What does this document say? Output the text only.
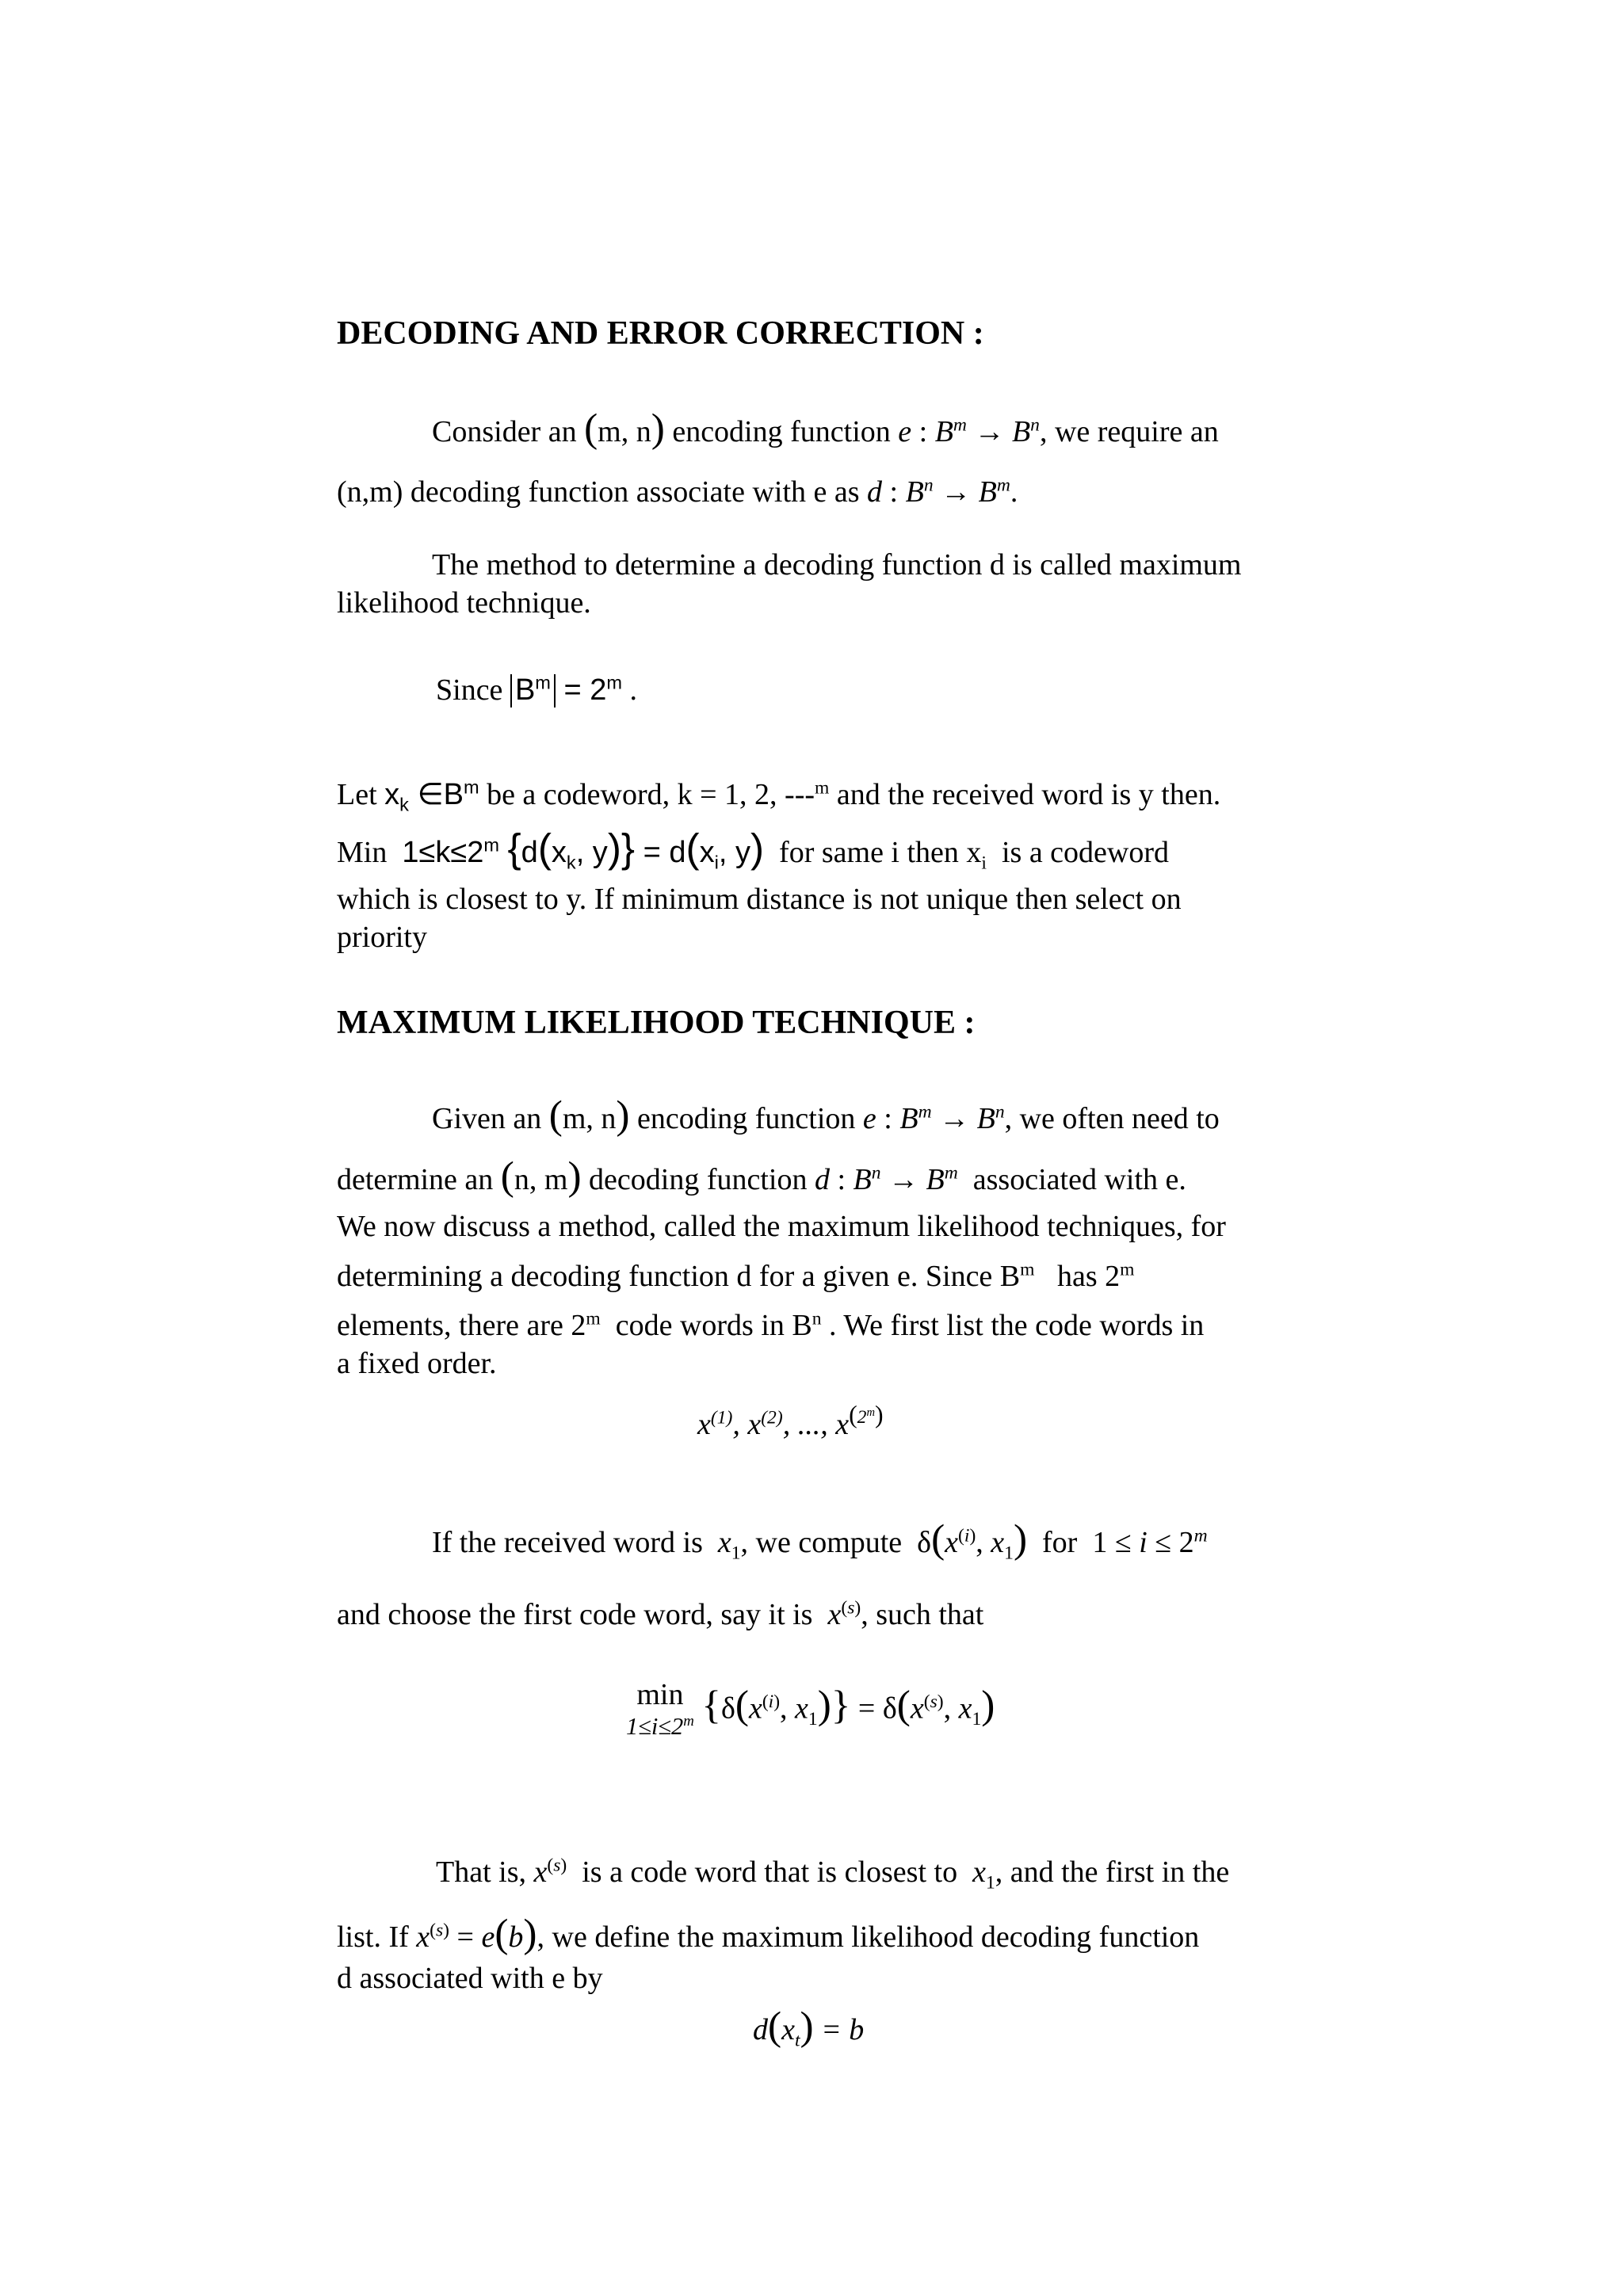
DECODING AND ERROR CORRECTION :
Consider an (m, n) encoding function e : $B^m \to B^n$, we require an
(n,m) decoding function associate with e as d : $B^n \to B^m$.
The method to determine a decoding function d is called maximum
likelihood technique.
Since $B^m = 2^m$ .
Let $x_k$ $\in B^m$ be a codeword, k = 1, 2, ---$^m$ and the received word is y then.
Min $1\le k\le 2^m$ {$d(x_k$, $y)\} = d(x_i$, y) for same i then $x_i$ is a codeword
which is closest to y. If minimum distance is not unique then select on
priority
MAXIMUM LIKELIHOOD TECHNIQUE :
Given an (m, n) encoding function e : $B^m \to B^n$, we often need to
determine an (n, m) decoding function d : $B^n \to B^m$ associated with e.
We now discuss a method, called the maximum likelihood techniques, for
determining a decoding function d for a given e. Since $B^m$ has 2$^m$
elements, there are 2$^m$ code words in $B^n$ . We first list the code words in
a fixed order.
$x^{(1)}$, $x^{(2)}$, ..., $x^{(2^m)}$
If the received word is $x_1$, we compute  $\delta(x^{(i)}$, $x_1$) for  $1 \le i \le 2^m$
and choose the first code word, say it is $x^{(s)}$, such that
min
$1\le i\le 2^m$ {$\delta(x^{(i)}$, $x_1)\} = \delta(x^{(s)}$, $x_1$)
That is, $x^{(s)}$ is a code word that is closest to $x_1$, and the first in the
list. If $x^{(s)} = e(b)$, we define the maximum likelihood decoding function
d associated with e by
$d(x_t) = b$
